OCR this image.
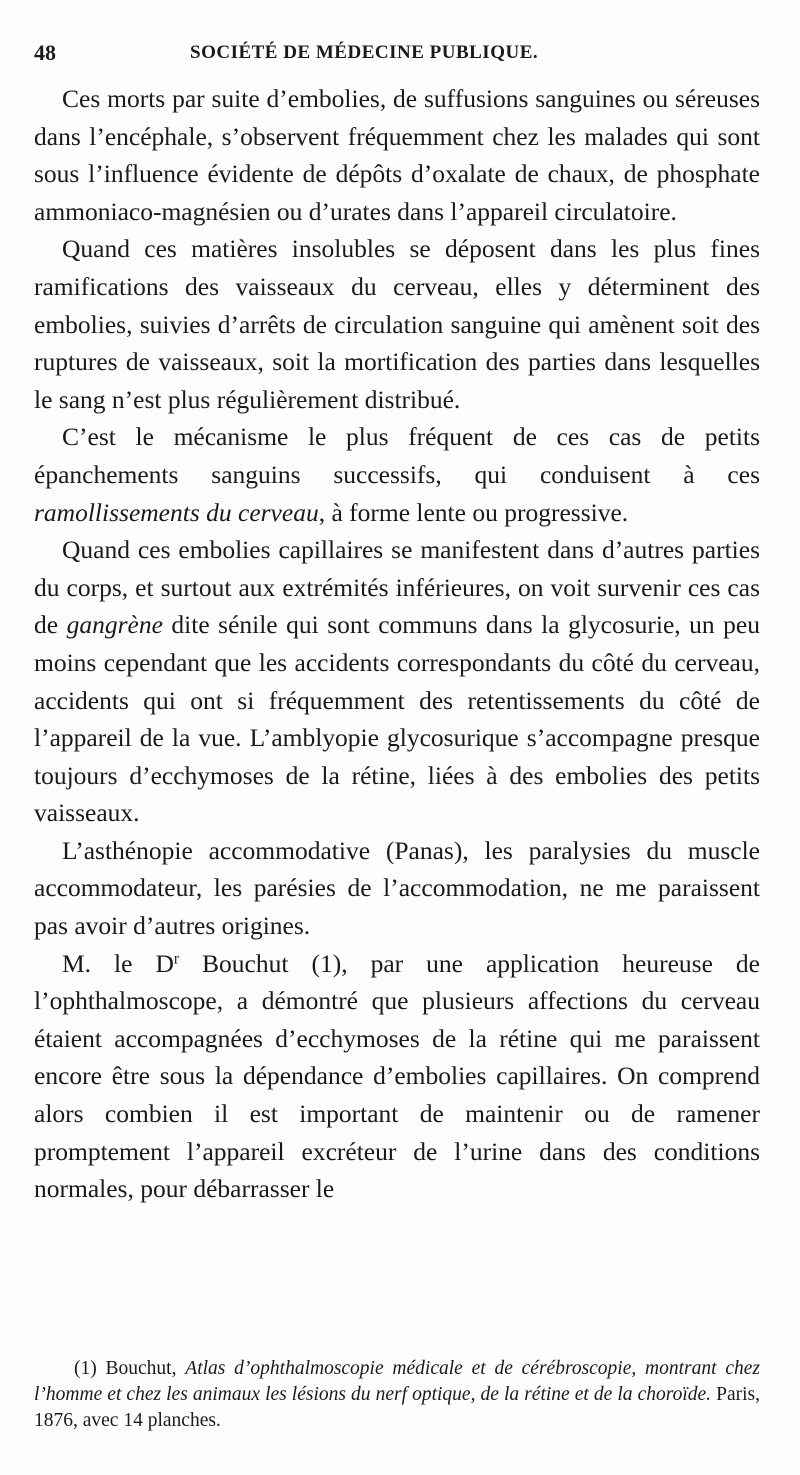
48	SOCIÉTÉ DE MÉDECINE PUBLIQUE.

Ces morts par suite d’embolies, de suffusions sanguines ou séreuses dans l’encéphale, s’observent fréquemment chez les malades qui sont sous l’influence évidente de dépôts d’oxalate de chaux, de phosphate ammoniaco-magnésien ou d’urates dans l’appareil circulatoire.

Quand ces matières insolubles se déposent dans les plus fines ramifications des vaisseaux du cerveau, elles y déterminent des embolies, suivies d’arrêts de circulation sanguine qui amènent soit des ruptures de vaisseaux, soit la mortification des parties dans lesquelles le sang n’est plus régulièrement distribué.

C’est le mécanisme le plus fréquent de ces cas de petits épanchements sanguins successifs, qui conduisent à ces ramollissements du cerveau, à forme lente ou progressive.

Quand ces embolies capillaires se manifestent dans d’autres parties du corps, et surtout aux extrémités inférieures, on voit survenir ces cas de gangrène dite sénile qui sont communs dans la glycosurie, un peu moins cependant que les accidents correspondants du côté du cerveau, accidents qui ont si fréquemment des retentissements du côté de l’appareil de la vue. L’amblyopie glycosurique s’accompagne presque toujours d’ecchymoses de la rétine, liées à des embolies des petits vaisseaux.

L’asthénopie accommodative (Panas), les paralysies du muscle accommodateur, les parésies de l’accommodation, ne me paraissent pas avoir d’autres origines.

M. le $D^r$ Bouchut (1), par une application heureuse de l’ophthalmoscope, a démontré que plusieurs affections du cerveau étaient accompagnées d’ecchymoses de la rétine qui me paraissent encore être sous la dépendance d’embolies capillaires. On comprend alors combien il est important de maintenir ou de ramener promptement l’appareil excréteur de l’urine dans des conditions normales, pour débarrasser le

(1) Bouchut, Atlas d’ophthalmoscopie médicale et de cérébroscopie, montrant chez l’homme et chez les animaux les lésions du nerf optique, de la rétine et de la choroïde. Paris, 1876, avec 14 planches.
